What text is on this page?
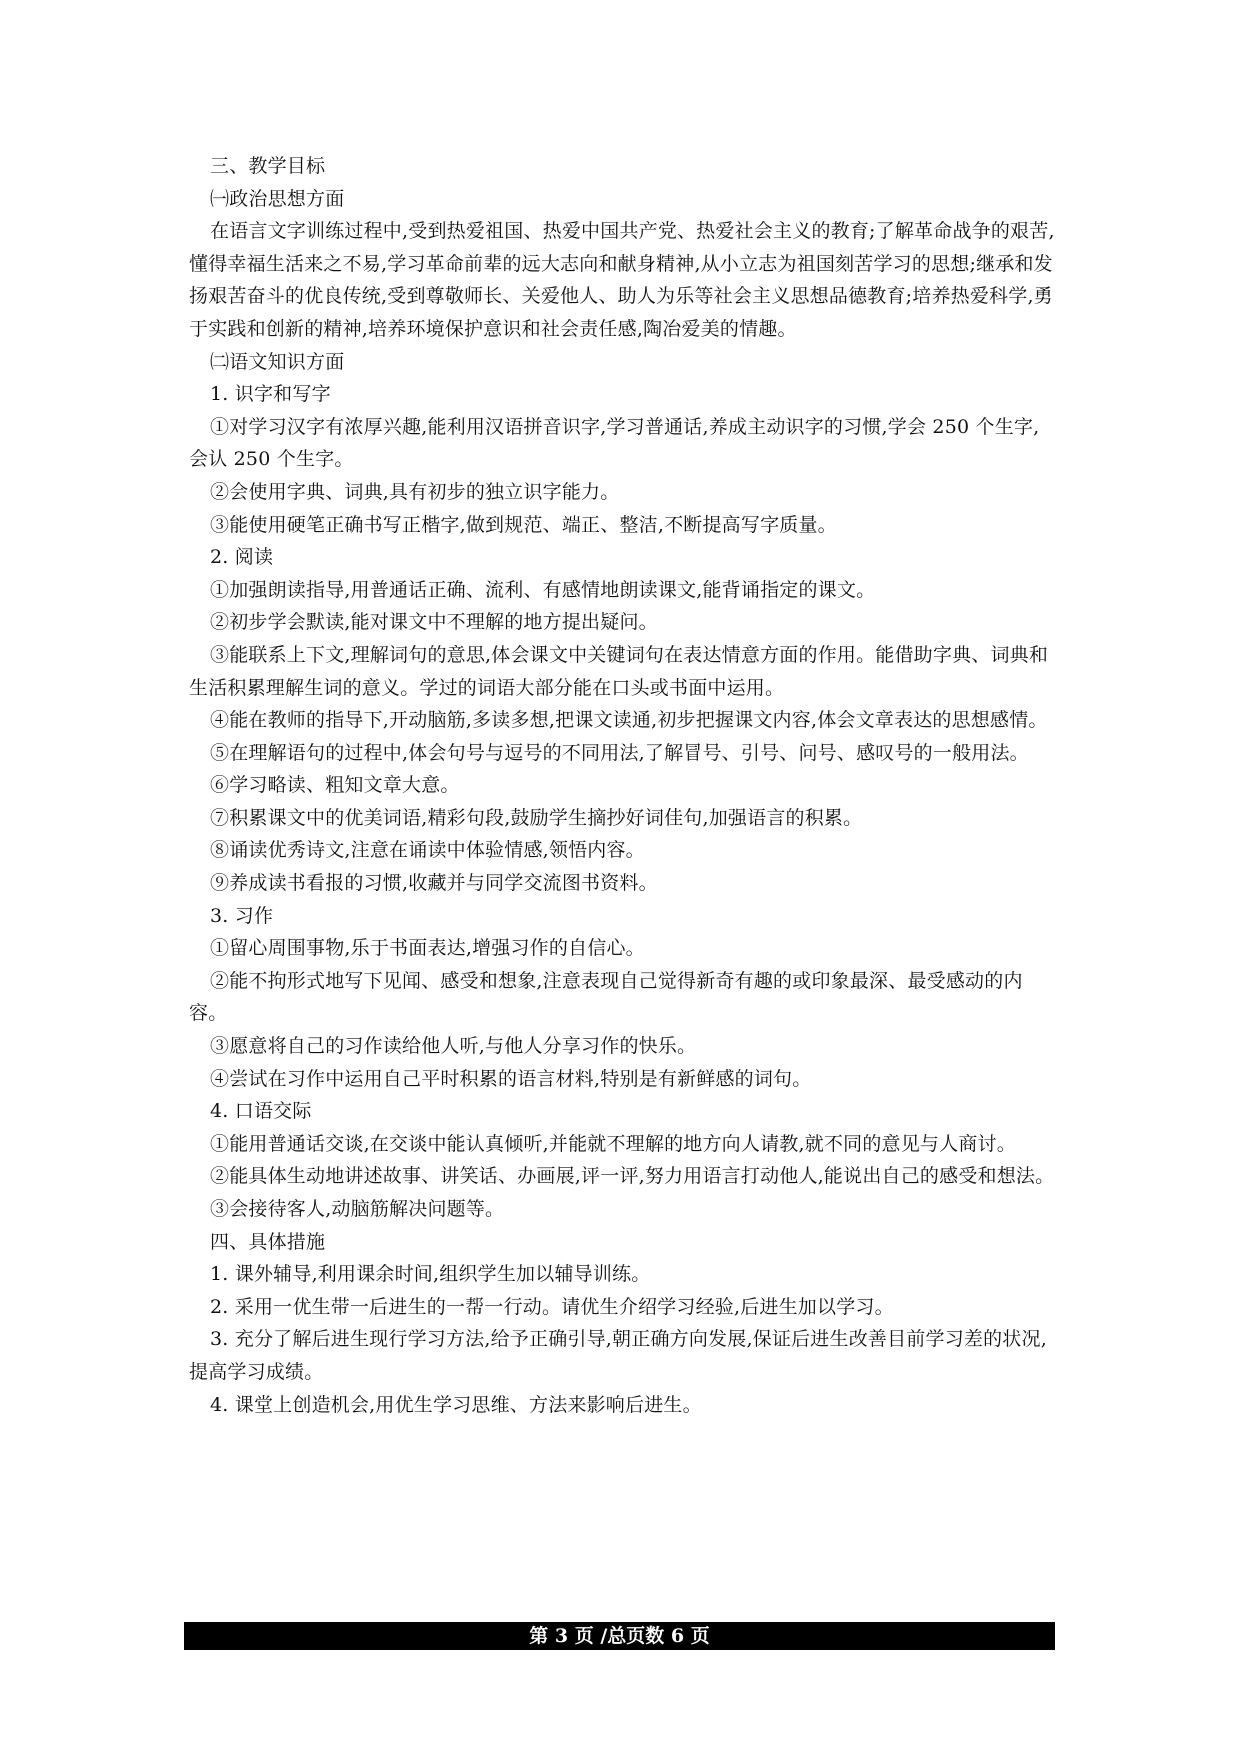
三、教学目标

㈠政治思想方面

在语言文字训练过程中,受到热爱祖国、热爱中国共产党、热爱社会主义的教育;了解革命战争的艰苦,懂得幸福生活来之不易,学习革命前辈的远大志向和献身精神,从小立志为祖国刻苦学习的思想;继承和发扬艰苦奋斗的优良传统,受到尊敬师长、关爱他人、助人为乐等社会主义思想品德教育;培养热爱科学,勇于实践和创新的精神,培养环境保护意识和社会责任感,陶冶爱美的情趣。

㈡语文知识方面

1. 识字和写字

①对学习汉字有浓厚兴趣,能利用汉语拼音识字,学习普通话,养成主动识字的习惯,学会 250 个生字,会认 250 个生字。

②会使用字典、词典,具有初步的独立识字能力。

③能使用硬笔正确书写正楷字,做到规范、端正、整洁,不断提高写字质量。

2. 阅读

①加强朗读指导,用普通话正确、流利、有感情地朗读课文,能背诵指定的课文。

②初步学会默读,能对课文中不理解的地方提出疑问。

③能联系上下文,理解词句的意思,体会课文中关键词句在表达情意方面的作用。能借助字典、词典和生活积累理解生词的意义。学过的词语大部分能在口头或书面中运用。

④能在教师的指导下,开动脑筋,多读多想,把课文读通,初步把握课文内容,体会文章表达的思想感情。

⑤在理解语句的过程中,体会句号与逗号的不同用法,了解冒号、引号、问号、感叹号的一般用法。

⑥学习略读、粗知文章大意。

⑦积累课文中的优美词语,精彩句段,鼓励学生摘抄好词佳句,加强语言的积累。

⑧诵读优秀诗文,注意在诵读中体验情感,领悟内容。

⑨养成读书看报的习惯,收藏并与同学交流图书资料。

3. 习作

①留心周围事物,乐于书面表达,增强习作的自信心。

②能不拘形式地写下见闻、感受和想象,注意表现自己觉得新奇有趣的或印象最深、最受感动的内容。

③愿意将自己的习作读给他人听,与他人分享习作的快乐。

④尝试在习作中运用自己平时积累的语言材料,特别是有新鲜感的词句。

4. 口语交际

①能用普通话交谈,在交谈中能认真倾听,并能就不理解的地方向人请教,就不同的意见与人商讨。

②能具体生动地讲述故事、讲笑话、办画展,评一评,努力用语言打动他人,能说出自己的感受和想法。

③会接待客人,动脑筋解决问题等。

四、具体措施

1. 课外辅导,利用课余时间,组织学生加以辅导训练。

2. 采用一优生带一后进生的一帮一行动。请优生介绍学习经验,后进生加以学习。

3. 充分了解后进生现行学习方法,给予正确引导,朝正确方向发展,保证后进生改善目前学习差的状况,提高学习成绩。

4. 课堂上创造机会,用优生学习思维、方法来影响后进生。

第 3 页 /总页数 6 页
